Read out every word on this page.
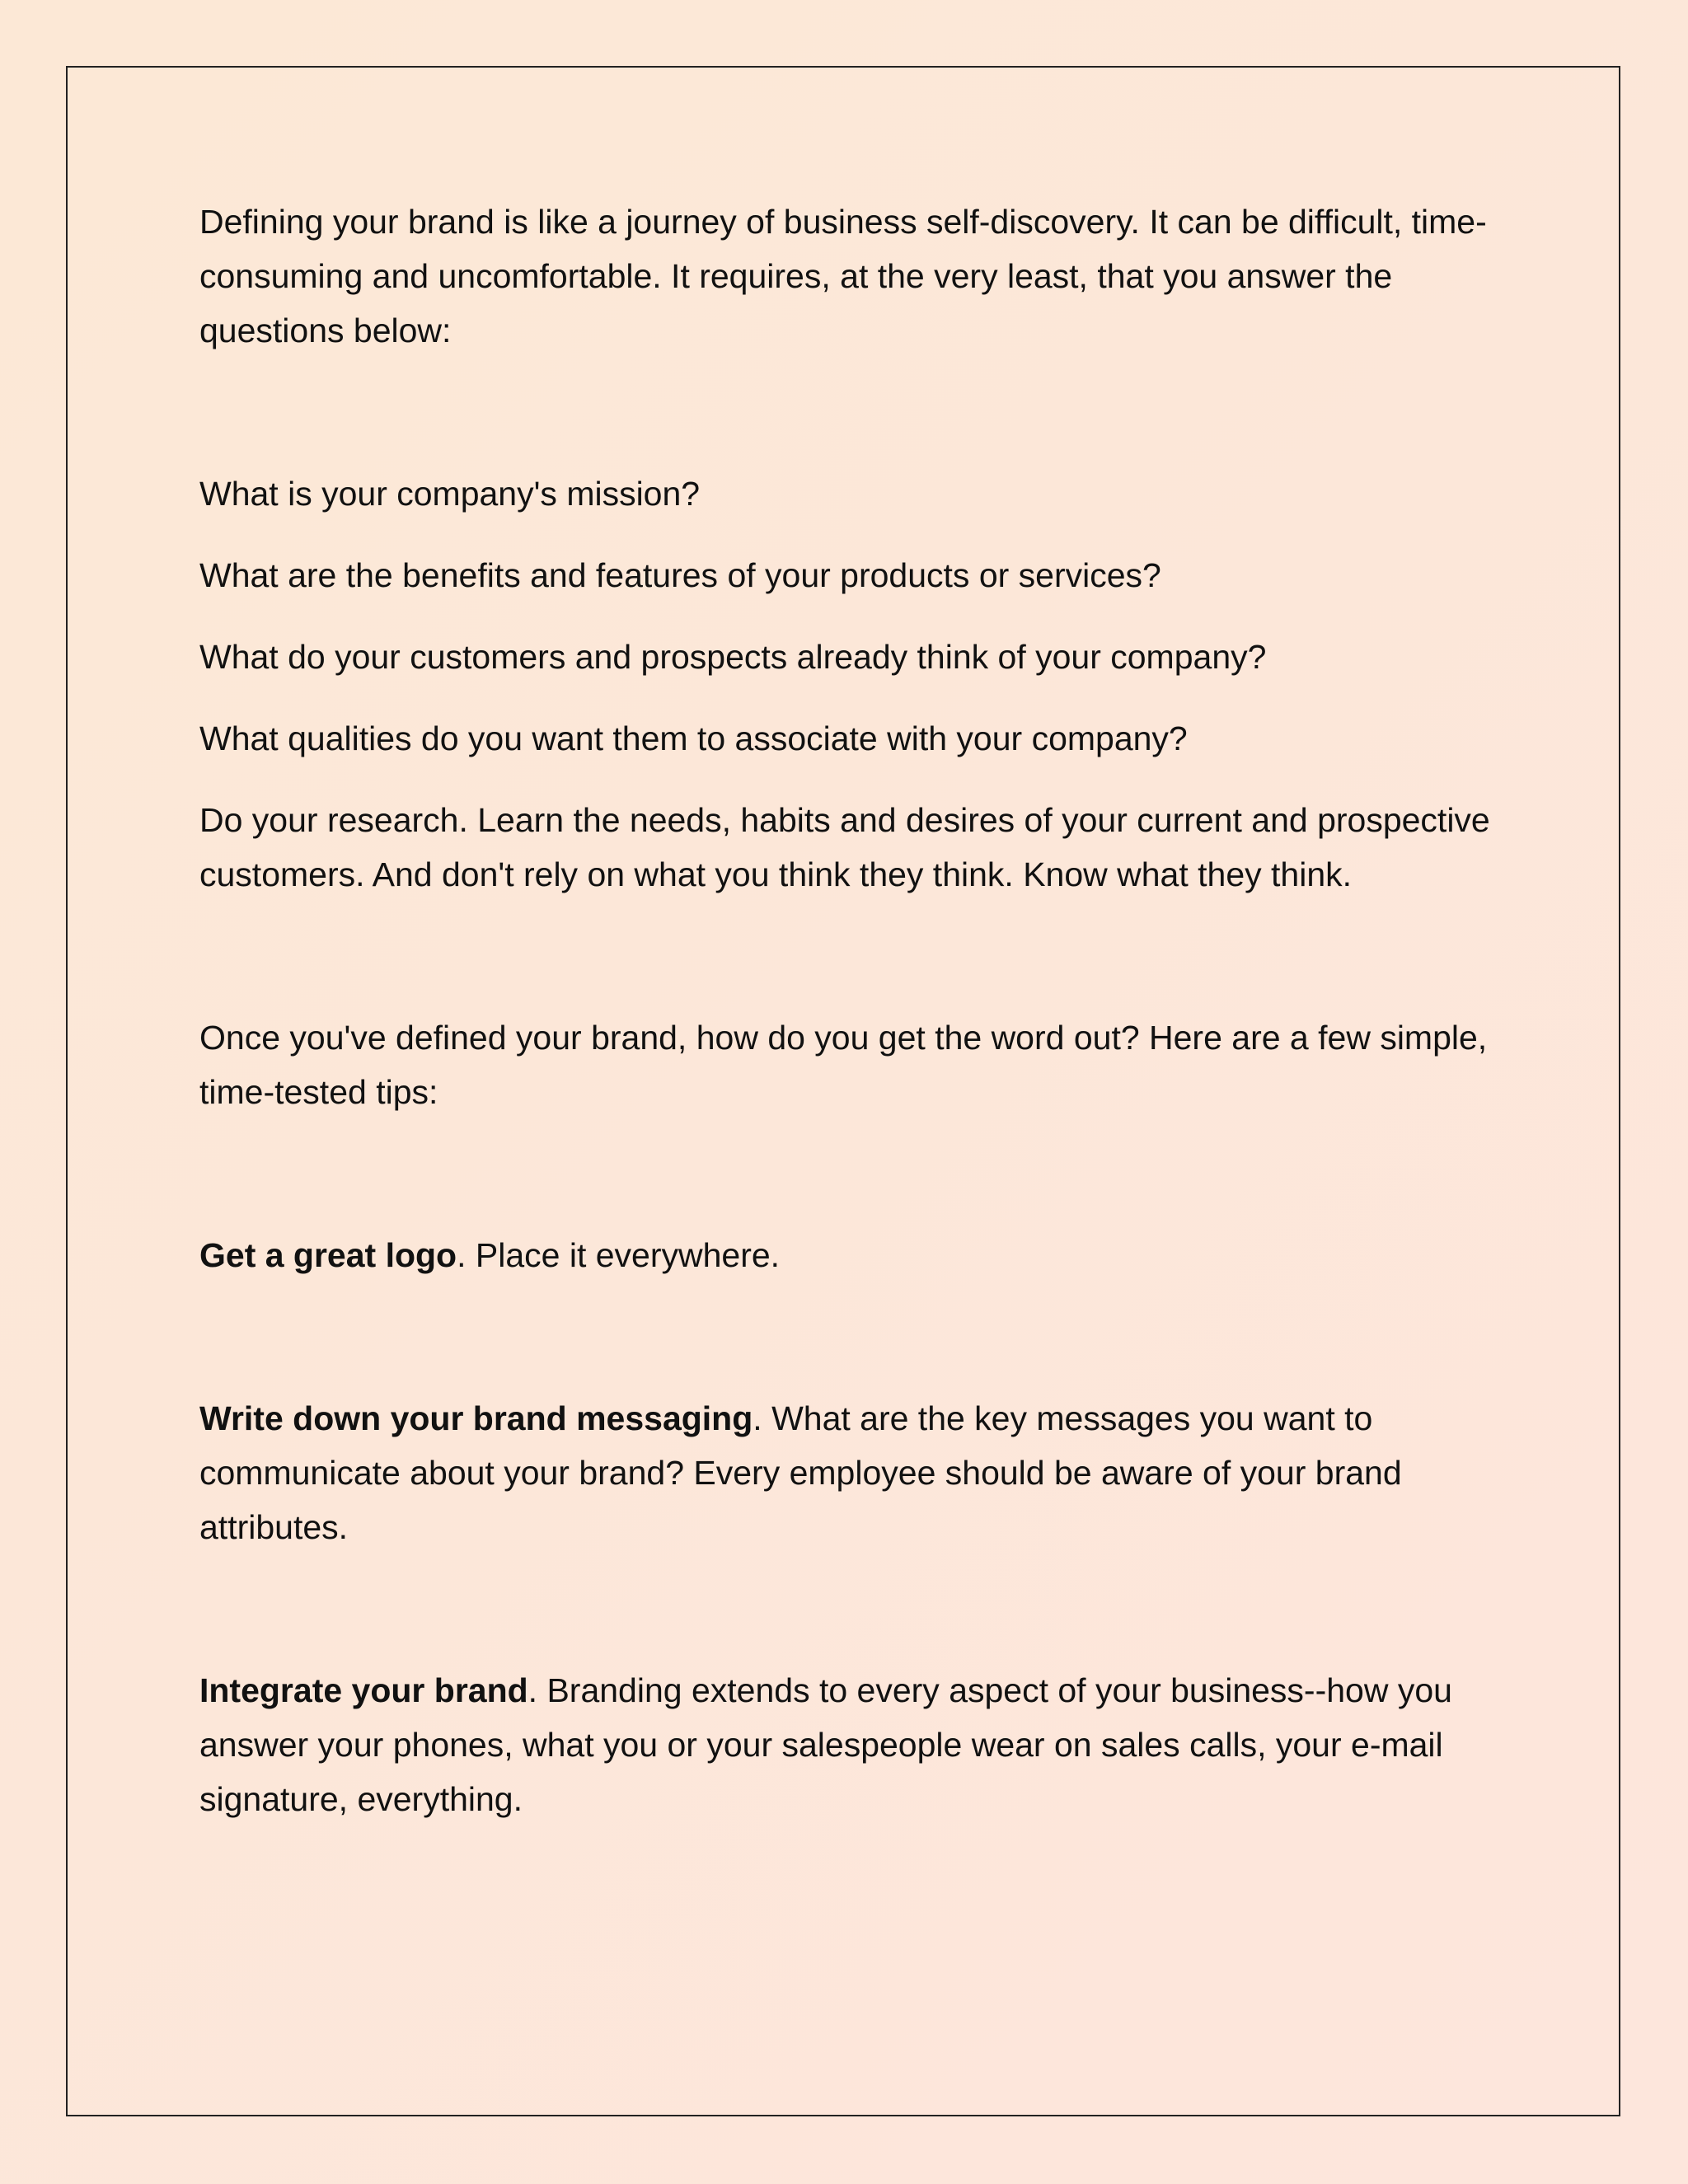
Defining your brand is like a journey of business self-discovery. It can be difficult, time-consuming and uncomfortable. It requires, at the very least, that you answer the questions below:

What is your company's mission?

What are the benefits and features of your products or services?

What do your customers and prospects already think of your company?

What qualities do you want them to associate with your company?

Do your research. Learn the needs, habits and desires of your current and prospective customers. And don't rely on what you think they think. Know what they think.

Once you've defined your brand, how do you get the word out? Here are a few simple, time-tested tips:

Get a great logo. Place it everywhere.

Write down your brand messaging. What are the key messages you want to communicate about your brand? Every employee should be aware of your brand attributes.

Integrate your brand. Branding extends to every aspect of your business--how you answer your phones, what you or your salespeople wear on sales calls, your e-mail signature, everything.
